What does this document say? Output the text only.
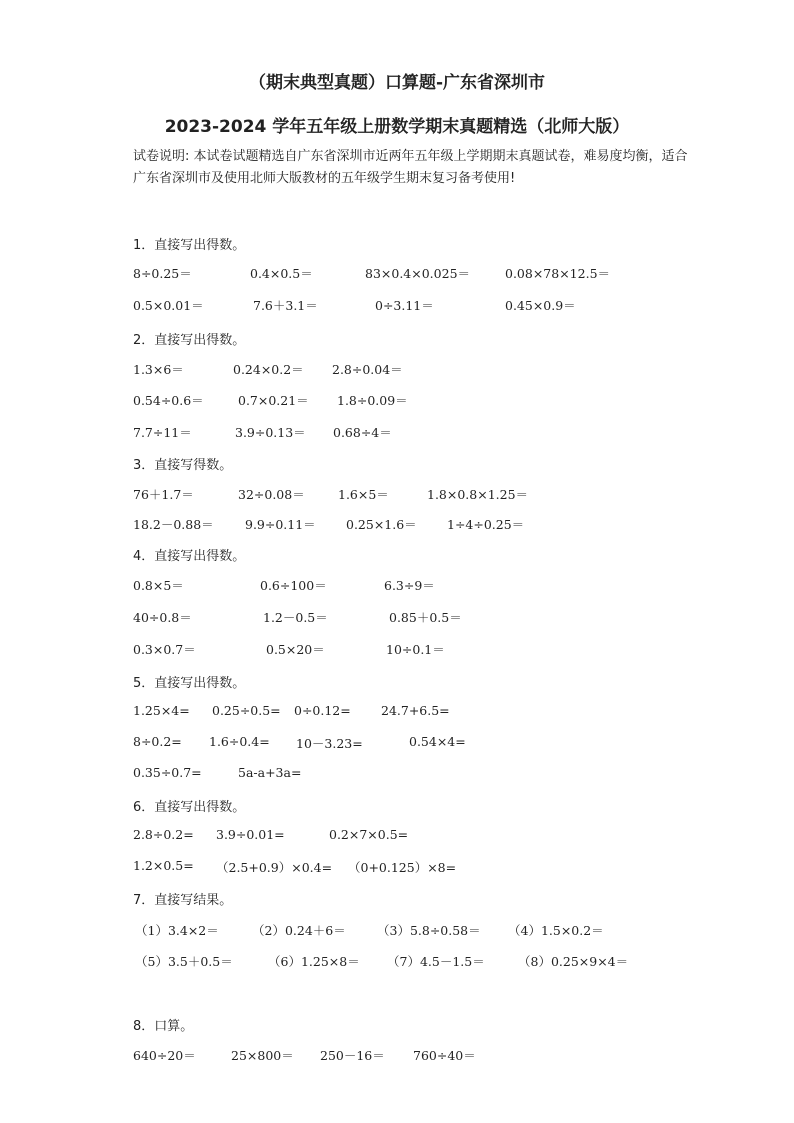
（期末典型真题）口算题-广东省深圳市
2023-2024 学年五年级上册数学期末真题精选（北师大版）
试卷说明: 本试卷试题精选自广东省深圳市近两年五年级上学期期末真题试卷，难易度均衡，适合广东省深圳市及使用北师大版教材的五年级学生期末复习备考使用!
1．直接写出得数。
8÷0.25＝	0.4×0.5＝	83×0.4×0.025＝	0.08×78×12.5＝
0.5×0.01＝	7.6＋3.1＝	0÷3.11＝	0.45×0.9＝
2．直接写出得数。
1.3×6＝	0.24×0.2＝ 2.8÷0.04＝
0.54÷0.6＝	0.7×0.21＝ 1.8÷0.09＝
7.7÷11＝	3.9÷0.13＝ 0.68÷4＝
3．直接写得数。
76＋1.7＝	32÷0.08＝	1.6×5＝	1.8×0.8×1.25＝
18.2－0.88＝	9.9÷0.11＝ 0.25×1.6＝ 1÷4÷0.25＝
4．直接写出得数。
0.8×5＝	0.6÷100＝	6.3÷9＝
40÷0.8＝	1.2－0.5＝	0.85＋0.5＝
0.3×0.7＝	0.5×20＝	10÷0.1＝
5．直接写出得数。
1.25×4= 0.25÷0.5= 0÷0.12= 24.7+6.5=
8÷0.2= 1.6÷0.4= 10－3.23=	0.54×4=
0.35÷0.7=	5a-a+3a=
6．直接写出得数。
2.8÷0.2= 3.9÷0.01=	0.2×7×0.5=
1.2×0.5= （2.5+0.9）×0.4= （0+0.125）×8=
7．直接写结果。
（1）3.4×2＝	（2）0.24＋6＝	（3）5.8÷0.58＝ （4）1.5×0.2＝
（5）3.5＋0.5＝	（6）1.25×8＝ （7）4.5－1.5＝	（8）0.25×9×4＝
8．口算。
640÷20＝	25×800＝ 250－16＝ 760÷40＝
